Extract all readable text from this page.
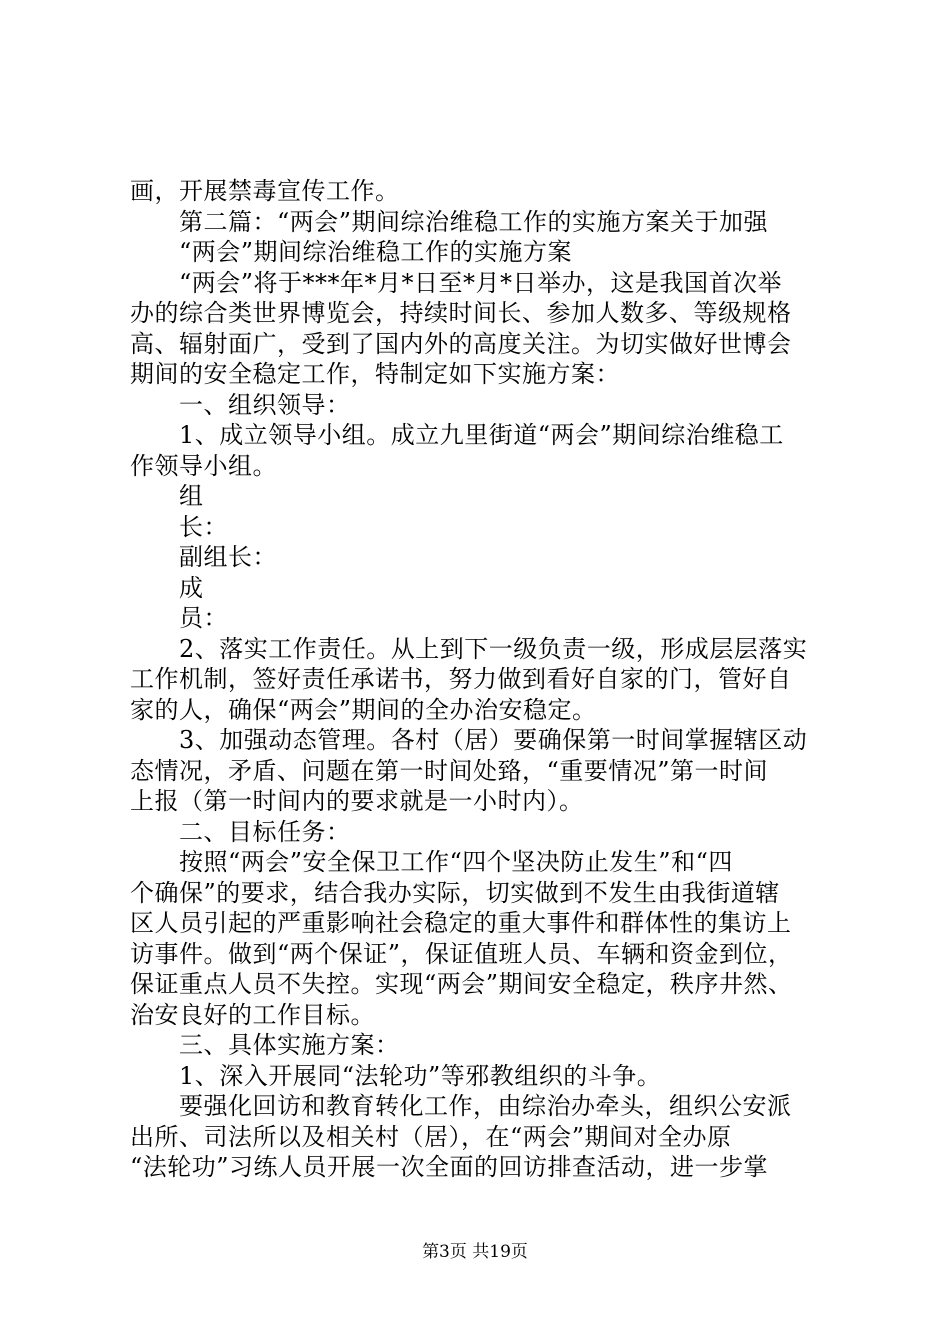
画，开展禁毒宣传工作。
　　第二篇：“两会”期间综治维稳工作的实施方案关于加强
　　“两会”期间综治维稳工作的实施方案
　　“两会”将于***年*月*日至*月*日举办，这是我国首次举
办的综合类世界博览会，持续时间长、参加人数多、等级规格
高、辐射面广，受到了国内外的高度关注。为切实做好世博会
期间的安全稳定工作，特制定如下实施方案：
　　一、组织领导：
　　1、成立领导小组。成立九里街道“两会”期间综治维稳工
作领导小组。
　　组
　　长：
　　副组长：
　　成
　　员：
　　2、落实工作责任。从上到下一级负责一级，形成层层落实
工作机制，签好责任承诺书，努力做到看好自家的门，管好自
家的人，确保“两会”期间的全办治安稳定。
　　3、加强动态管理。各村（居）要确保第一时间掌握辖区动
态情况，矛盾、问题在第一时间处臵，“重要情况”第一时间
上报（第一时间内的要求就是一小时内）。
　　二、目标任务：
　　按照“两会”安全保卫工作“四个坚决防止发生”和“四
个确保”的要求，结合我办实际，切实做到不发生由我街道辖
区人员引起的严重影响社会稳定的重大事件和群体性的集访上
访事件。做到“两个保证”，保证值班人员、车辆和资金到位，
保证重点人员不失控。实现“两会”期间安全稳定，秩序井然、
治安良好的工作目标。
　　三、具体实施方案：
　　1、深入开展同“法轮功”等邪教组织的斗争。
　　要强化回访和教育转化工作，由综治办牵头，组织公安派
出所、司法所以及相关村（居），在“两会”期间对全办原
“法轮功”习练人员开展一次全面的回访排查活动，进一步掌
第3页 共19页
